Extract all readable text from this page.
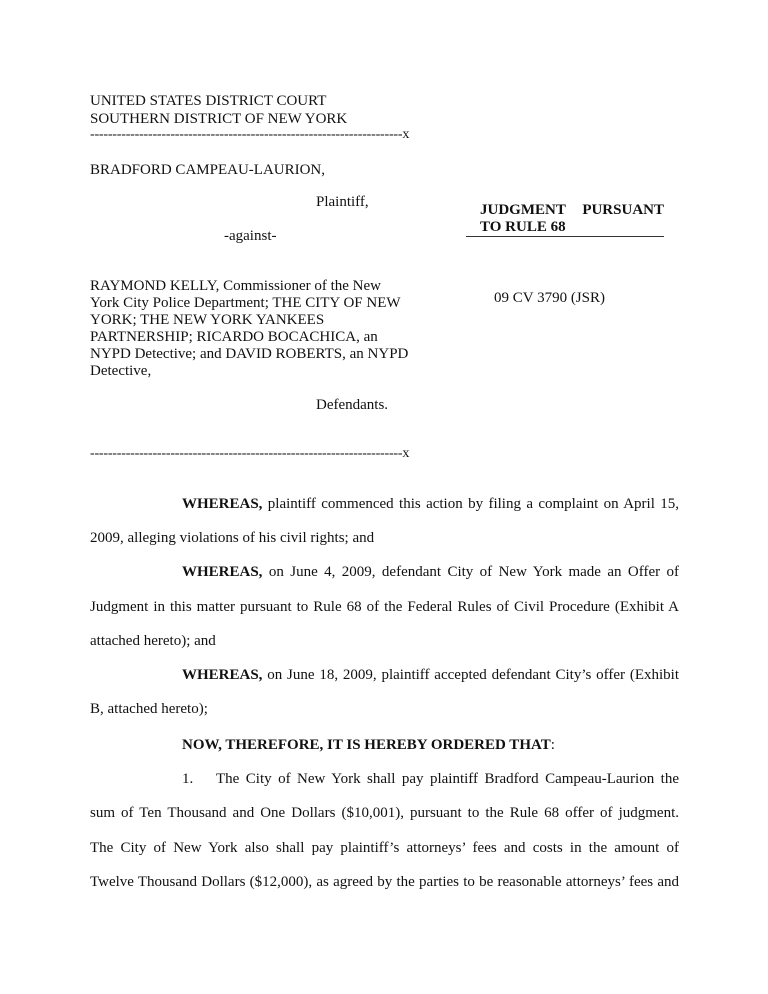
UNITED STATES DISTRICT COURT
SOUTHERN DISTRICT OF NEW YORK
----------------------------------------------------------------------x
BRADFORD CAMPEAU-LAURION,
Plaintiff,
-against-
RAYMOND KELLY, Commissioner of the New
York City Police Department; THE CITY OF NEW
YORK; THE NEW YORK YANKEES
PARTNERSHIP; RICARDO BOCACHICA, an
NYPD Detective; and DAVID ROBERTS, an NYPD
Detective,
Defendants.
----------------------------------------------------------------------x
JUDGMENT PURSUANT
TO RULE 68
09 CV 3790 (JSR)
WHEREAS, plaintiff commenced this action by filing a complaint on April 15,
2009, alleging violations of his civil rights; and
WHEREAS, on June 4, 2009, defendant City of New York made an Offer of
Judgment in this matter pursuant to Rule 68 of the Federal Rules of Civil Procedure (Exhibit A
attached hereto); and
WHEREAS, on June 18, 2009, plaintiff accepted defendant City’s offer (Exhibit
B, attached hereto);
NOW, THEREFORE, IT IS HEREBY ORDERED THAT:
1. The City of New York shall pay plaintiff Bradford Campeau-Laurion the
sum of Ten Thousand and One Dollars ($10,001), pursuant to the Rule 68 offer of judgment.
The City of New York also shall pay plaintiff’s attorneys’ fees and costs in the amount of
Twelve Thousand Dollars ($12,000), as agreed by the parties to be reasonable attorneys’ fees and
